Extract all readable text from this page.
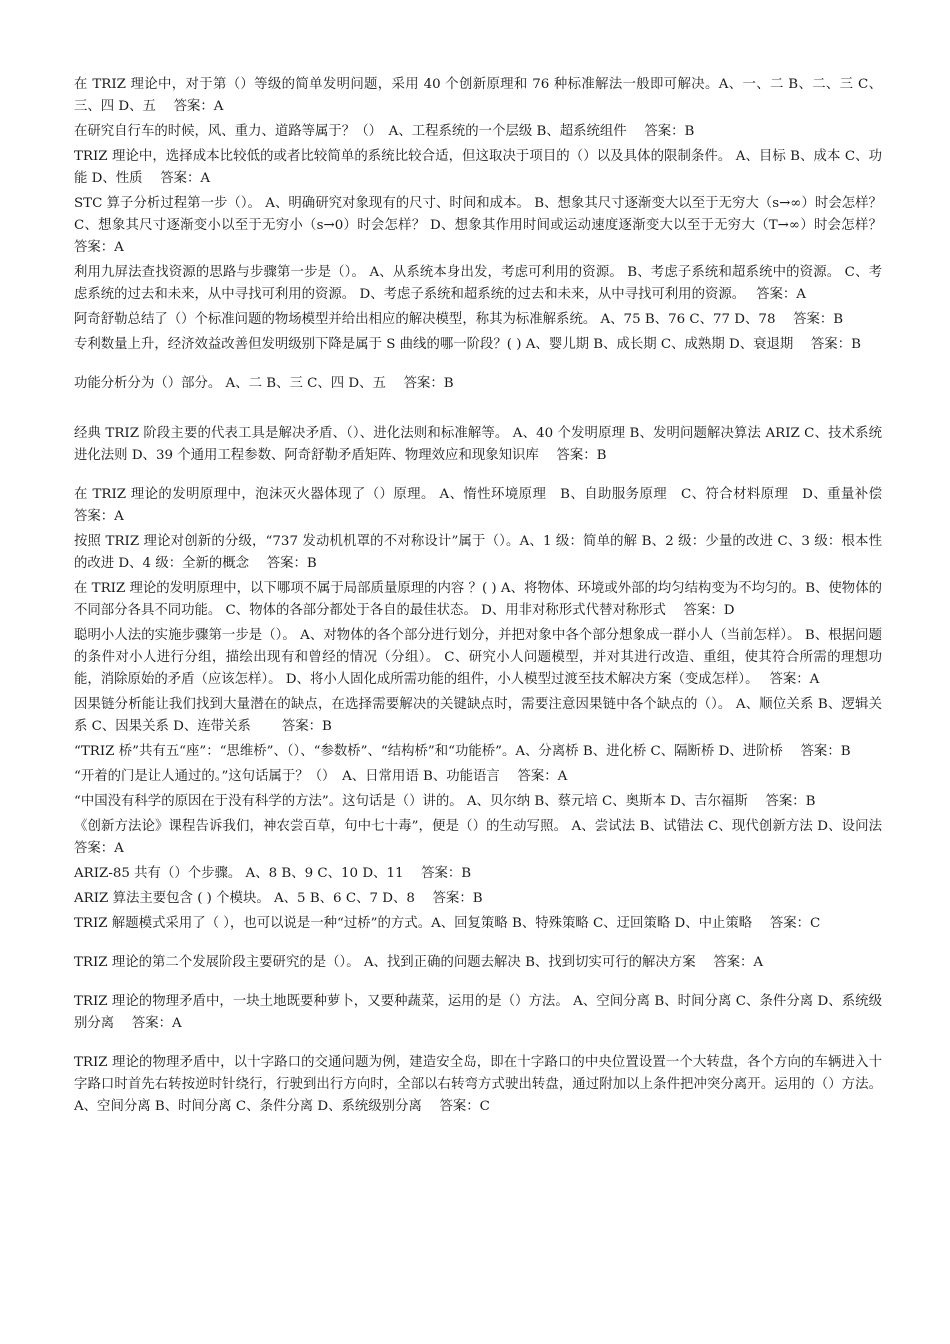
在 TRIZ 理论中，对于第（）等级的简单发明问题，采用 40 个创新原理和 76 种标准解法一般即可解决。A、一、二 B、二、三 C、三、四 D、五　 答案：A

在研究自行车的时候，风、重力、道路等属于？（）　A、工程系统的一个层级 B、超系统组件　 答案：B

TRIZ 理论中，选择成本比较低的或者比较简单的系统比较合适，但这取决于项目的（）以及具体的限制条件。 A、目标 B、成本 C、功能 D、性质　 答案：A

STC 算子分析过程第一步（）。 A、明确研究对象现有的尺寸、时间和成本。 B、想象其尺寸逐渐变大以至于无穷大（s→∞）时会怎样？ C、想象其尺寸逐渐变小以至于无穷小（s→0）时会怎样？ D、想象其作用时间或运动速度逐渐变大以至于无穷大（T→∞）时会怎样？　 答案：A

利用九屏法查找资源的思路与步骤第一步是（）。 A、从系统本身出发，考虑可利用的资源。 B、考虑子系统和超系统中的资源。 C、考虑系统的过去和未来，从中寻找可利用的资源。 D、考虑子系统和超系统的过去和未来，从中寻找可利用的资源。　 答案：A

阿奇舒勒总结了（）个标准问题的物场模型并给出相应的解决模型，称其为标准解系统。 A、75 B、76 C、77 D、78　 答案：B

专利数量上升，经济效益改善但发明级别下降是属于 S 曲线的哪一阶段？( ) A、婴儿期 B、成长期 C、成熟期 D、衰退期　 答案：B

功能分析分为（）部分。 A、二 B、三 C、四 D、五　 答案：B

经典 TRIZ 阶段主要的代表工具是解决矛盾、（）、进化法则和标准解等。 A、40 个发明原理 B、发明问题解决算法 ARIZ C、技术系统进化法则 D、39 个通用工程参数、阿奇舒勒矛盾矩阵、物理效应和现象知识库　 答案：B

在 TRIZ 理论的发明原理中，泡沫灭火器体现了（）原理。 A、惰性环境原理　B、自助服务原理　C、符合材料原理　D、重量补偿　 答案：A

按照 TRIZ 理论对创新的分级，“737 发动机机罩的不对称设计”属于（）。A、1 级：简单的解 B、2 级：少量的改进 C、3 级：根本性的改进 D、4 级：全新的概念　 答案：B

在 TRIZ 理论的发明原理中，以下哪项不属于局部质量原理的内容 ？( ) A、将物体、环境或外部的均匀结构变为不均匀的。B、使物体的不同部分各具不同功能。 C、物体的各部分都处于各自的最佳状态。 D、用非对称形式代替对称形式　 答案：D

聪明小人法的实施步骤第一步是（）。 A、对物体的各个部分进行划分，并把对象中各个部分想象成一群小人（当前怎样）。 B、根据问题的条件对小人进行分组，描绘出现有和曾经的情况（分组）。 C、研究小人问题模型，并对其进行改造、重组，使其符合所需的理想功能，消除原始的矛盾（应该怎样）。 D、将小人固化成所需功能的组件，小人模型过渡至技术解决方案（变成怎样）。　 答案：A

因果链分析能让我们找到大量潜在的缺点，在选择需要解决的关键缺点时，需要注意因果链中各个缺点的（）。 A、顺位关系 B、逻辑关系 C、因果关系 D、连带关系　　 答案：B

“TRIZ 桥”共有五“座”：“思维桥”、（）、“参数桥”、“结构桥”和“功能桥”。A、分离桥 B、进化桥 C、隔断桥 D、进阶桥　 答案：B

“开着的门是让人通过的。”这句话属于？（）　A、日常用语 B、功能语言　 答案：A

“中国没有科学的原因在于没有科学的方法”。这句话是（）讲的。 A、贝尔纳 B、蔡元培 C、奥斯本 D、吉尔福斯　 答案：B

《创新方法论》课程告诉我们，神农尝百草，句中七十毒”，便是（）的生动写照。 A、尝试法 B、试错法 C、现代创新方法 D、设问法　 答案：A

ARIZ-85 共有（）个步骤。 A、8 B、9 C、10 D、11　 答案：B

ARIZ 算法主要包含 ( ) 个模块。 A、5 B、6 C、7 D、8　 答案：B

TRIZ 解题模式采用了（ ），也可以说是一种“过桥”的方式。A、回复策略 B、特殊策略 C、迂回策略 D、中止策略　 答案：C

TRIZ 理论的第二个发展阶段主要研究的是（）。 A、找到正确的问题去解决 B、找到切实可行的解决方案　 答案：A

TRIZ 理论的物理矛盾中，一块土地既要种萝卜，又要种蔬菜，运用的是（）方法。 A、空间分离 B、时间分离 C、条件分离 D、系统级别分离　 答案：A

TRIZ 理论的物理矛盾中，以十字路口的交通问题为例，建造安全岛，即在十字路口的中央位置设置一个大转盘，各个方向的车辆进入十字路口时首先右转按逆时针绕行，行驶到出行方向时，全部以右转弯方式驶出转盘，通过附加以上条件把冲突分离开。运用的（）方法。 A、空间分离 B、时间分离 C、条件分离 D、系统级别分离　 答案：C
